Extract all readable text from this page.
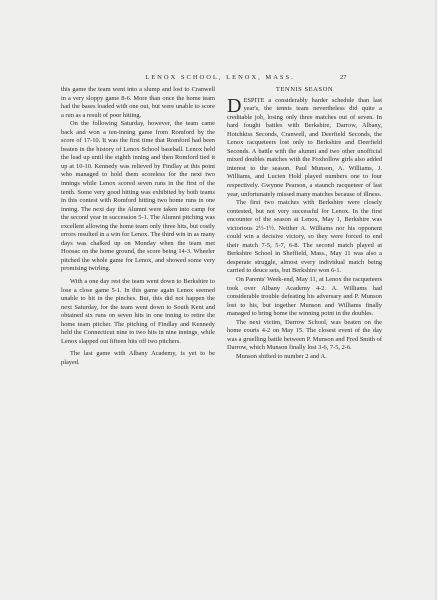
LENOX SCHOOL, LENOX, MASS.	27

this game the team went into a slump and lost to Cranwell in a very sloppy game 8-6. More than once the home team had the bases loaded with one out, but were unable to score a run as a result of poor hitting.

On the following Saturday, however, the team came back and won a ten-inning game from Romford by the score of 17-10. It was the first time that Romford had been beaten in the history of Lenox School baseball. Lenox held the lead up until the eighth inning and then Romford tied it up at 10-10. Kennedy was relieved by Findlay at this point who managed to hold them scoreless for the next two innings while Lenox scored seven runs in the first of the tenth. Some very good hitting was exhibited by both teams in this contest with Romford hitting two home runs in one inning. The next day the Alumni were taken into camp for the second year in succession 5-1. The Alumni pitching was excellent allowing the home team only three hits, but costly errors resulted in a win for Lenox. The third win in as many days was chalked up on Monday when the team met Hoosac on the home ground, the score being 14-3. Wheeler pitched the whole game for Lenox, and showed some very promising twirling.

With a one day rest the team went down to Berkshire to lose a close game 5-1. In this game again Lenox seemed unable to hit in the pinches. But, this did not happen the next Saturday, for the team went down to South Kent and obtained six runs on seven hits in one inning to retire the home team pitcher. The pitching of Findlay and Kennedy held the Connecticut nine to two hits in nine innings, while Lenox slapped out fifteen hits off two pitchers.

The last game with Albany Academy, is yet to be played.

TENNIS SEASON

DESPITE a considerably harder schedule than last year's, the tennis team nevertheless did quite a creditable job, losing only three matches out of seven. In hard fought battles with Berkshire, Darrow, Albany, Hotchkiss Seconds, Cranwell, and Deerfield Seconds, the Lenox racqueteers lost only to Berkshire and Deerfield Seconds. A battle with the alumni and two other unofficial mixed doubles matches with the Foxhollow girls also added interest to the season. Paul Munson, A. Williams, J. Williams, and Lucien Hold played numbers one to four respectively. Gwynne Pearson, a staunch racqueteer of last year, unfortunately missed many matches because of illness.

The first two matches with Berkshire were closely contested, but not very successful for Lenox. In the first encounter of the season at Lenox, May 1, Berkshire was victorious 2½-1½. Neither A. Williams nor his opponent could win a decisive victory, so they were forced to end their match 7-5, 5-7, 6-8. The second match played at Berkshire School in Sheffield, Mass., May 11 was also a desperate struggle, almost every individual match being carried to deuce sets, but Berkshire won 6-1.

On Parents' Week-end, May 11, at Lenox the racqueteers took over Albany Academy 4-2. A. Williams had considerable trouble defeating his adversary and P. Munson lost to his, but together Munson and Williams finally managed to bring home the winning point in the doubles.

The next victim, Darrow School, was beaten on the home courts 4-2 on May 15. The closest event of the day was a gruelling battle between P. Munson and Fred Smith of Darrow, which Munson finally lost 3-6, 7-5, 2-6.

Munson shifted to number 2 and A.
